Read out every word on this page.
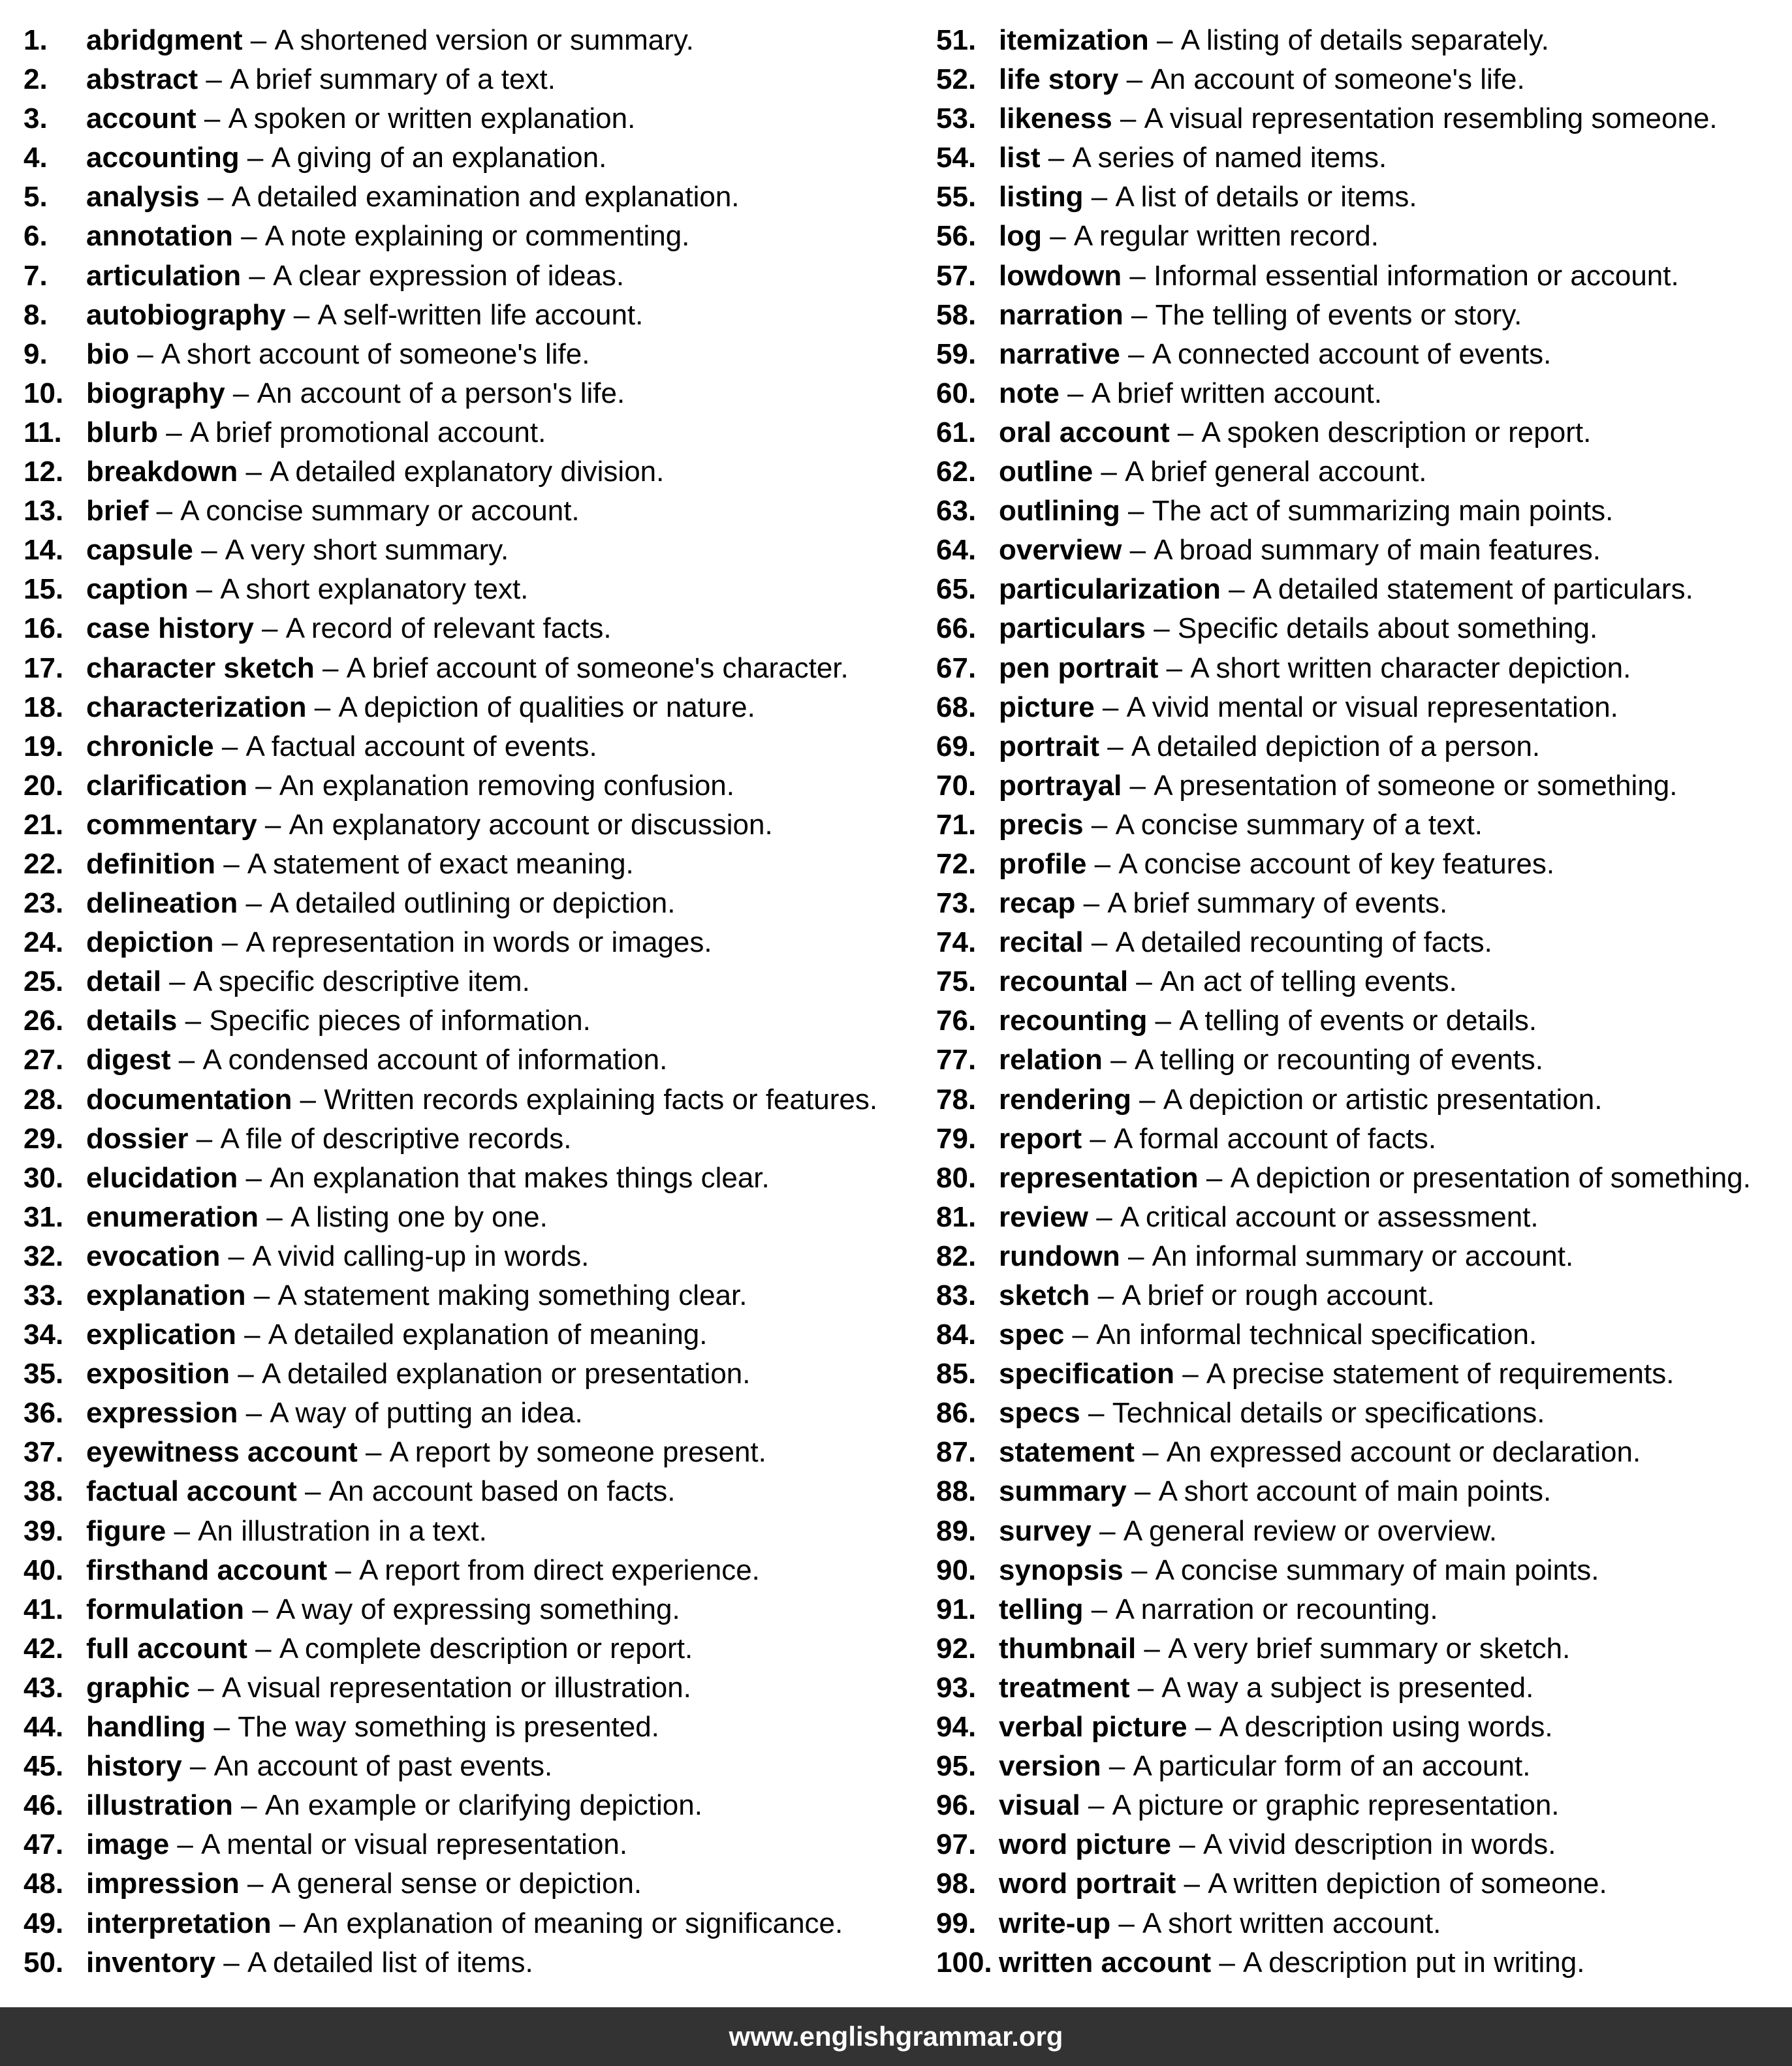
1.	abridgment – A shortened version or summary.
2.	abstract – A brief summary of a text.
3.	account – A spoken or written explanation.
4.	accounting – A giving of an explanation.
5.	analysis – A detailed examination and explanation.
6.	annotation – A note explaining or commenting.
7.	articulation – A clear expression of ideas.
8.	autobiography – A self-written life account.
9.	bio – A short account of someone's life.
10. biography – An account of a person's life.
11. blurb – A brief promotional account.
12. breakdown – A detailed explanatory division.
13. brief – A concise summary or account.
14. capsule – A very short summary.
15. caption – A short explanatory text.
16. case history – A record of relevant facts.
17. character sketch – A brief account of someone's character.
18. characterization – A depiction of qualities or nature.
19. chronicle – A factual account of events.
20. clarification – An explanation removing confusion.
21. commentary – An explanatory account or discussion.
22. definition – A statement of exact meaning.
23. delineation – A detailed outlining or depiction.
24. depiction – A representation in words or images.
25. detail – A specific descriptive item.
26. details – Specific pieces of information.
27. digest – A condensed account of information.
28. documentation – Written records explaining facts or features.
29. dossier – A file of descriptive records.
30. elucidation – An explanation that makes things clear.
31. enumeration – A listing one by one.
32. evocation – A vivid calling-up in words.
33. explanation – A statement making something clear.
34. explication – A detailed explanation of meaning.
35. exposition – A detailed explanation or presentation.
36. expression – A way of putting an idea.
37. eyewitness account – A report by someone present.
38. factual account – An account based on facts.
39. figure – An illustration in a text.
40. firsthand account – A report from direct experience.
41. formulation – A way of expressing something.
42. full account – A complete description or report.
43. graphic – A visual representation or illustration.
44. handling – The way something is presented.
45. history – An account of past events.
46. illustration – An example or clarifying depiction.
47. image – A mental or visual representation.
48. impression – A general sense or depiction.
49. interpretation – An explanation of meaning or significance.
50. inventory – A detailed list of items.
51. itemization – A listing of details separately.
52. life story – An account of someone's life.
53. likeness – A visual representation resembling someone.
54. list – A series of named items.
55. listing – A list of details or items.
56. log – A regular written record.
57. lowdown – Informal essential information or account.
58. narration – The telling of events or story.
59. narrative – A connected account of events.
60. note – A brief written account.
61. oral account – A spoken description or report.
62. outline – A brief general account.
63. outlining – The act of summarizing main points.
64. overview – A broad summary of main features.
65. particularization – A detailed statement of particulars.
66. particulars – Specific details about something.
67. pen portrait – A short written character depiction.
68. picture – A vivid mental or visual representation.
69. portrait – A detailed depiction of a person.
70. portrayal – A presentation of someone or something.
71. precis – A concise summary of a text.
72. profile – A concise account of key features.
73. recap – A brief summary of events.
74. recital – A detailed recounting of facts.
75. recountal – An act of telling events.
76. recounting – A telling of events or details.
77. relation – A telling or recounting of events.
78. rendering – A depiction or artistic presentation.
79. report – A formal account of facts.
80. representation – A depiction or presentation of something.
81. review – A critical account or assessment.
82. rundown – An informal summary or account.
83. sketch – A brief or rough account.
84. spec – An informal technical specification.
85. specification – A precise statement of requirements.
86. specs – Technical details or specifications.
87. statement – An expressed account or declaration.
88. summary – A short account of main points.
89. survey – A general review or overview.
90. synopsis – A concise summary of main points.
91. telling – A narration or recounting.
92. thumbnail – A very brief summary or sketch.
93. treatment – A way a subject is presented.
94. verbal picture – A description using words.
95. version – A particular form of an account.
96. visual – A picture or graphic representation.
97. word picture – A vivid description in words.
98. word portrait – A written depiction of someone.
99. write-up – A short written account.
100. written account – A description put in writing.
www.englishgrammar.org
